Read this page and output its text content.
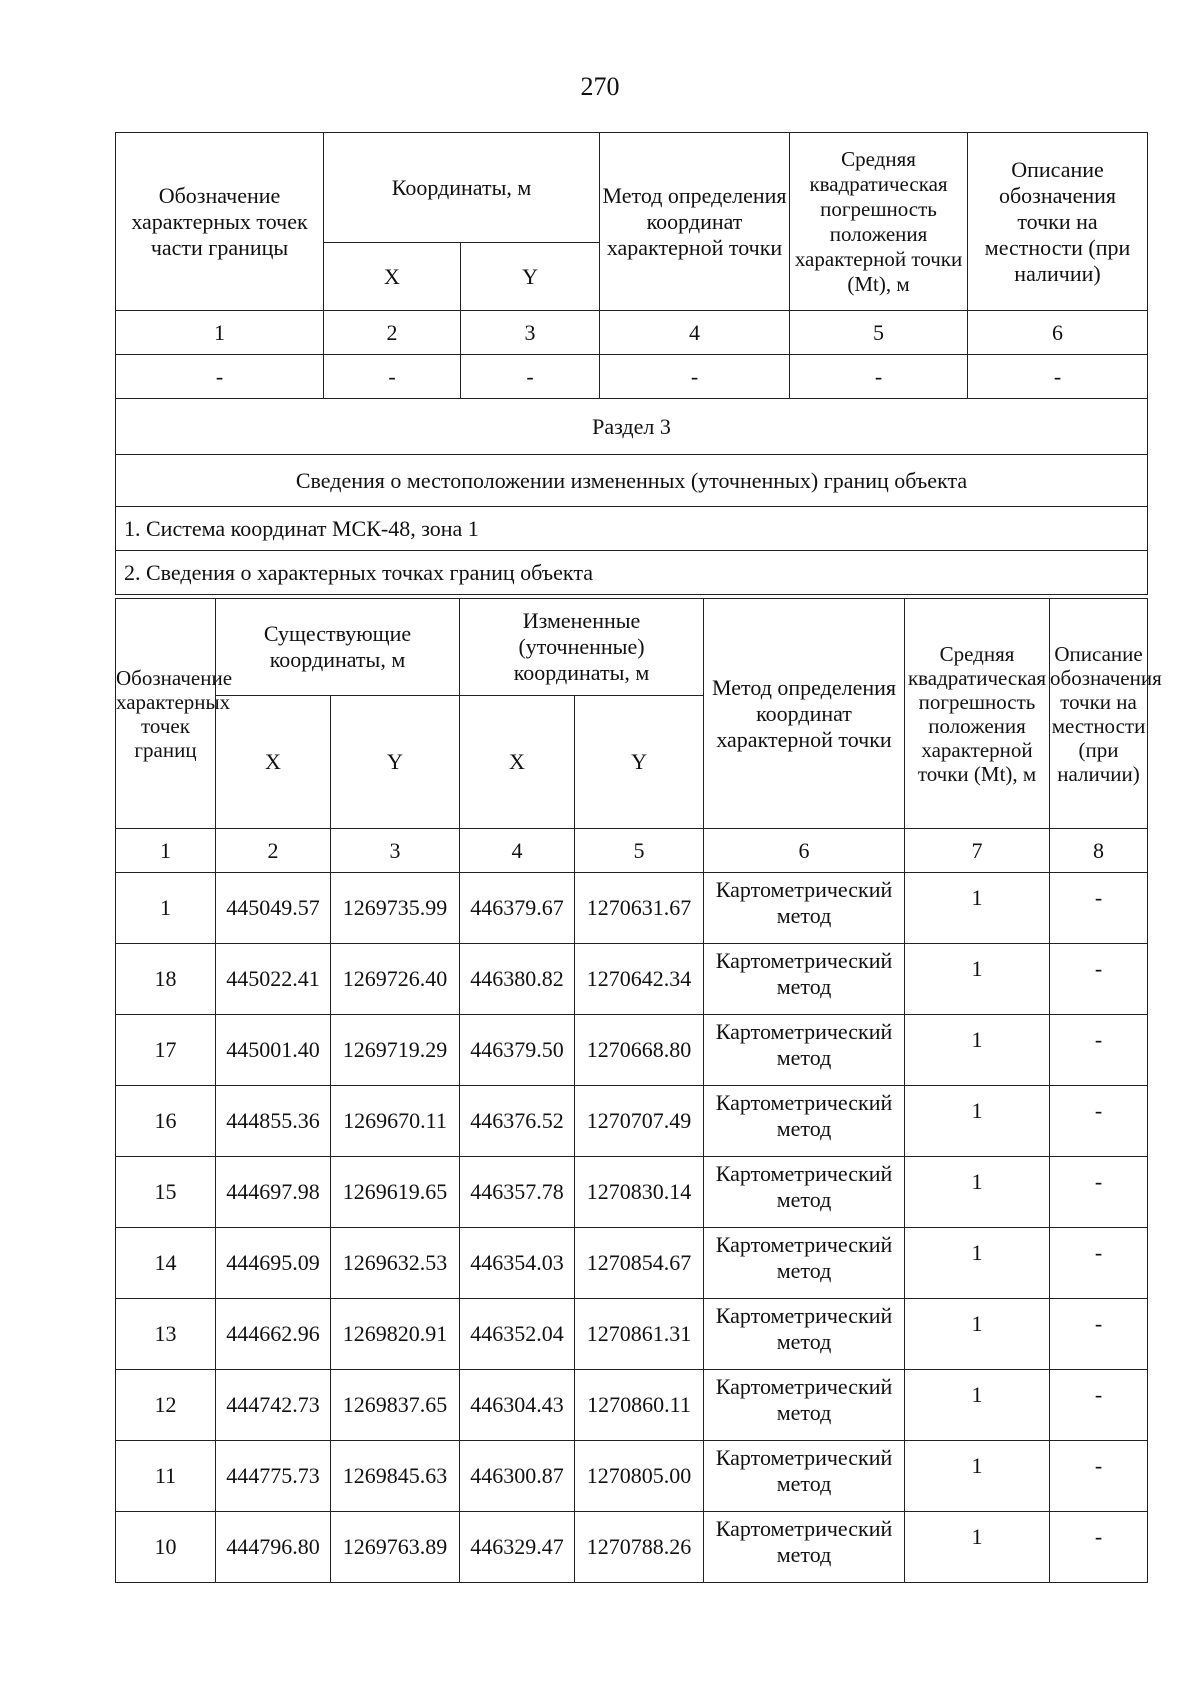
270
Обозначение характерных точек части границы	Координаты, м		Метод определения координат характерной точки	Средняя квадратическая погрешность положения характерной точки (Mt), м	Описание обозначения точки на местности (при наличии)
	X	Y			
1	2	3	4	5	6
-	-	-	-	-	-
Раздел 3					
Сведения о местоположении измененных (уточненных) границ объекта					
1. Система координат МСК-48, зона 1					
2. Сведения о характерных точках границ объекта					
Обозначение характерных точек границ	Существующие координаты, м		Измененные (уточненные) координаты, м		Метод определения координат характерной точки	Средняя квадратическая погрешность положения характерной точки (Mt), м	Описание обозначения точки на местности (при наличии)
	X	Y	X	Y			
1	2	3	4	5	6	7	8
1	445049.57	1269735.99	446379.67	1270631.67	Картометрический метод	1	-
18	445022.41	1269726.40	446380.82	1270642.34	Картометрический метод	1	-
17	445001.40	1269719.29	446379.50	1270668.80	Картометрический метод	1	-
16	444855.36	1269670.11	446376.52	1270707.49	Картометрический метод	1	-
15	444697.98	1269619.65	446357.78	1270830.14	Картометрический метод	1	-
14	444695.09	1269632.53	446354.03	1270854.67	Картометрический метод	1	-
13	444662.96	1269820.91	446352.04	1270861.31	Картометрический метод	1	-
12	444742.73	1269837.65	446304.43	1270860.11	Картометрический метод	1	-
11	444775.73	1269845.63	446300.87	1270805.00	Картометрический метод	1	-
10	444796.80	1269763.89	446329.47	1270788.26	Картометрический метод	1	-
